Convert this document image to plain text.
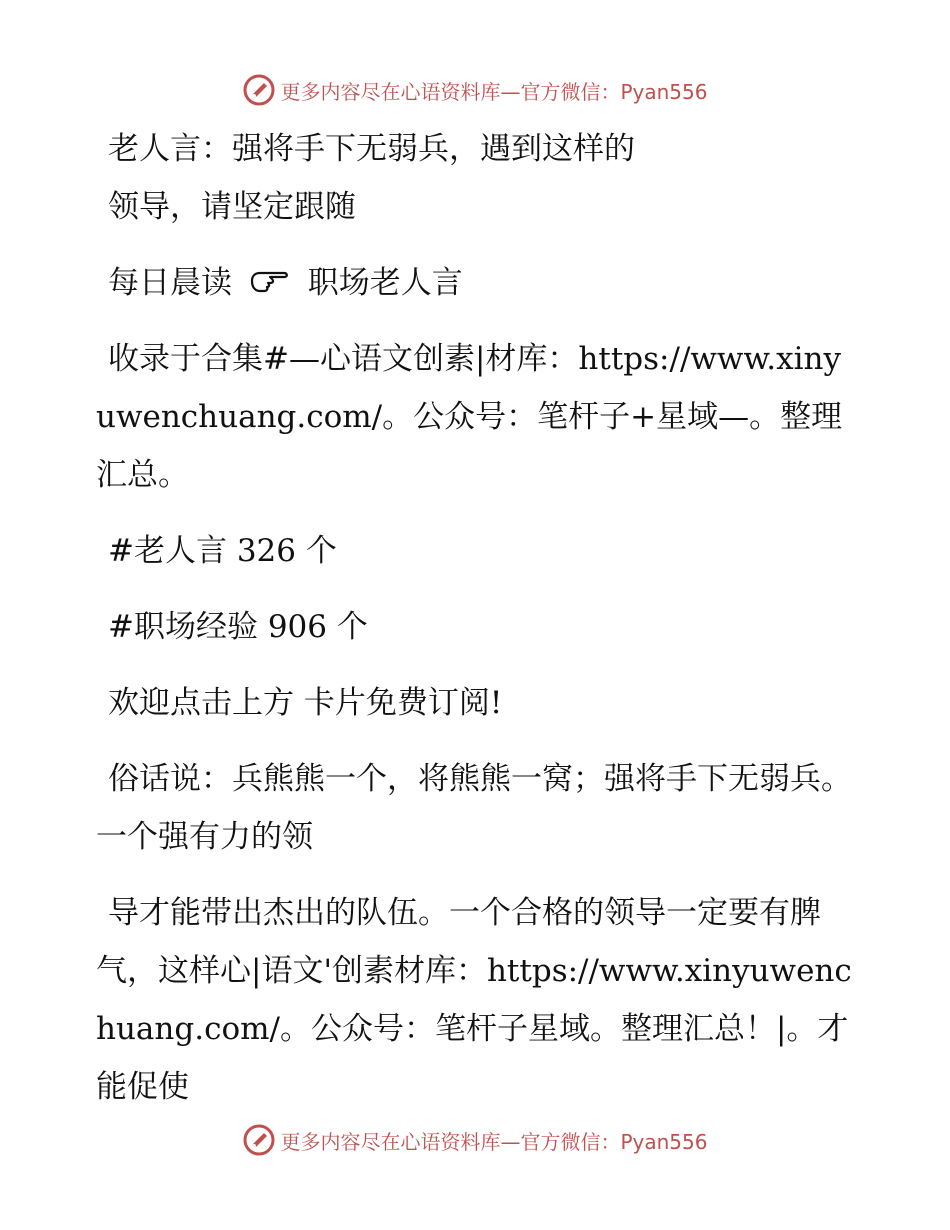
更多内容尽在心语资料库—官方微信：Pyan556

老人言：强将手下无弱兵，遇到这样的

领导，请坚定跟随

每日晨读 职场老人言

收录于合集#—心语文创素|材库：https://www.xinyuwenchuang.com/。公众号：笔杆子+星域—。整理汇总。

#老人言 326 个

#职场经验 906 个

欢迎点击上方 卡片免费订阅!

俗话说：兵熊熊一个，将熊熊一窝；强将手下无弱兵。一个强有力的领

导才能带出杰出的队伍。一个合格的领导一定要有脾气，这样心|语文'创素材库：https://www.xinyuwenchuang.com/。公众号：笔杆子星域。整理汇总！|。才能促使

更多内容尽在心语资料库—官方微信：Pyan556
